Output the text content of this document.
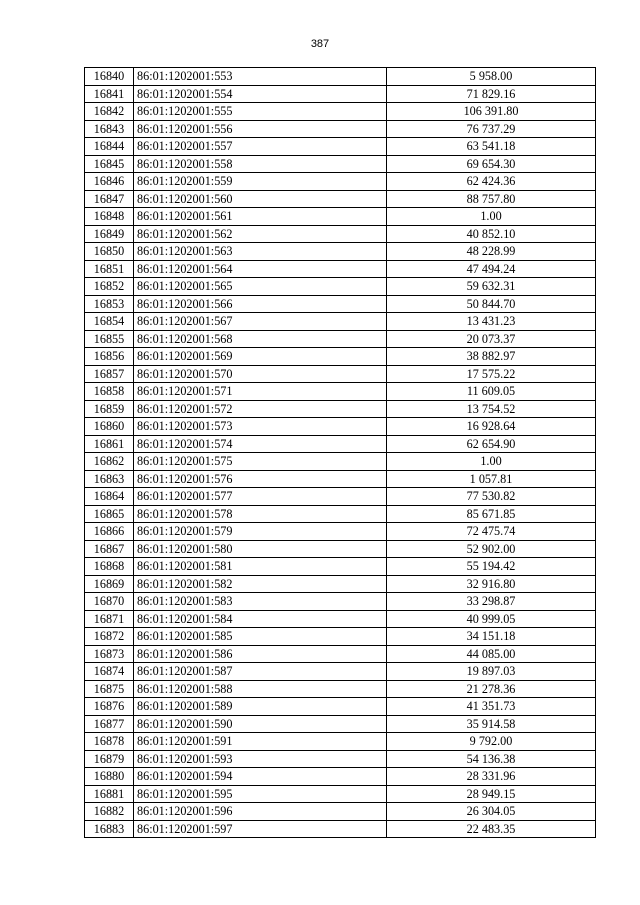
387
16840	86:01:1202001:553	5 958.00
16841	86:01:1202001:554	71 829.16
16842	86:01:1202001:555	106 391.80
16843	86:01:1202001:556	76 737.29
16844	86:01:1202001:557	63 541.18
16845	86:01:1202001:558	69 654.30
16846	86:01:1202001:559	62 424.36
16847	86:01:1202001:560	88 757.80
16848	86:01:1202001:561	1.00
16849	86:01:1202001:562	40 852.10
16850	86:01:1202001:563	48 228.99
16851	86:01:1202001:564	47 494.24
16852	86:01:1202001:565	59 632.31
16853	86:01:1202001:566	50 844.70
16854	86:01:1202001:567	13 431.23
16855	86:01:1202001:568	20 073.37
16856	86:01:1202001:569	38 882.97
16857	86:01:1202001:570	17 575.22
16858	86:01:1202001:571	11 609.05
16859	86:01:1202001:572	13 754.52
16860	86:01:1202001:573	16 928.64
16861	86:01:1202001:574	62 654.90
16862	86:01:1202001:575	1.00
16863	86:01:1202001:576	1 057.81
16864	86:01:1202001:577	77 530.82
16865	86:01:1202001:578	85 671.85
16866	86:01:1202001:579	72 475.74
16867	86:01:1202001:580	52 902.00
16868	86:01:1202001:581	55 194.42
16869	86:01:1202001:582	32 916.80
16870	86:01:1202001:583	33 298.87
16871	86:01:1202001:584	40 999.05
16872	86:01:1202001:585	34 151.18
16873	86:01:1202001:586	44 085.00
16874	86:01:1202001:587	19 897.03
16875	86:01:1202001:588	21 278.36
16876	86:01:1202001:589	41 351.73
16877	86:01:1202001:590	35 914.58
16878	86:01:1202001:591	9 792.00
16879	86:01:1202001:593	54 136.38
16880	86:01:1202001:594	28 331.96
16881	86:01:1202001:595	28 949.15
16882	86:01:1202001:596	26 304.05
16883	86:01:1202001:597	22 483.35
